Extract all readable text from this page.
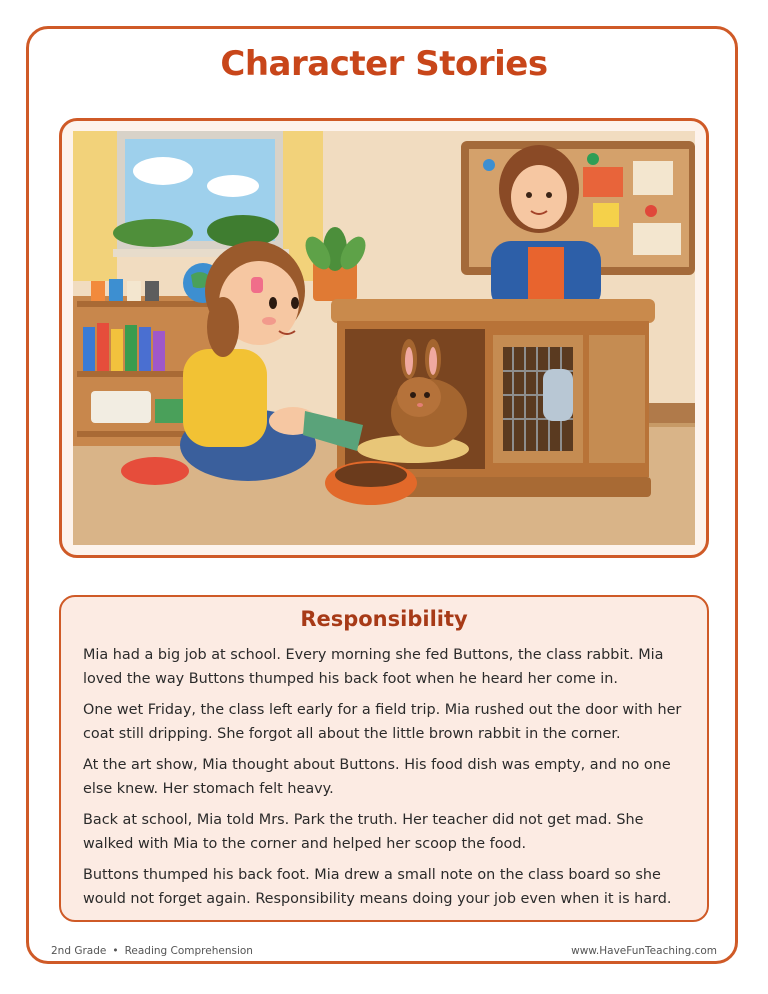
Character Stories
Responsibility

Mia had a big job at school. Every morning she fed Buttons, the class rabbit. Mia loved the way Buttons thumped his back foot when he heard her come in.

One wet Friday, the class left early for a field trip. Mia rushed out the door with her coat still dripping. She forgot all about the little brown rabbit in the corner.

At the art show, Mia thought about Buttons. His food dish was empty, and no one else knew. Her stomach felt heavy.

Back at school, Mia told Mrs. Park the truth. Her teacher did not get mad. She walked with Mia to the corner and helped her scoop the food.

Buttons thumped his back foot. Mia drew a small note on the class board so she would not forget again. Responsibility means doing your job even when it is hard.

2nd Grade • Reading Comprehension	www.HaveFunTeaching.com
